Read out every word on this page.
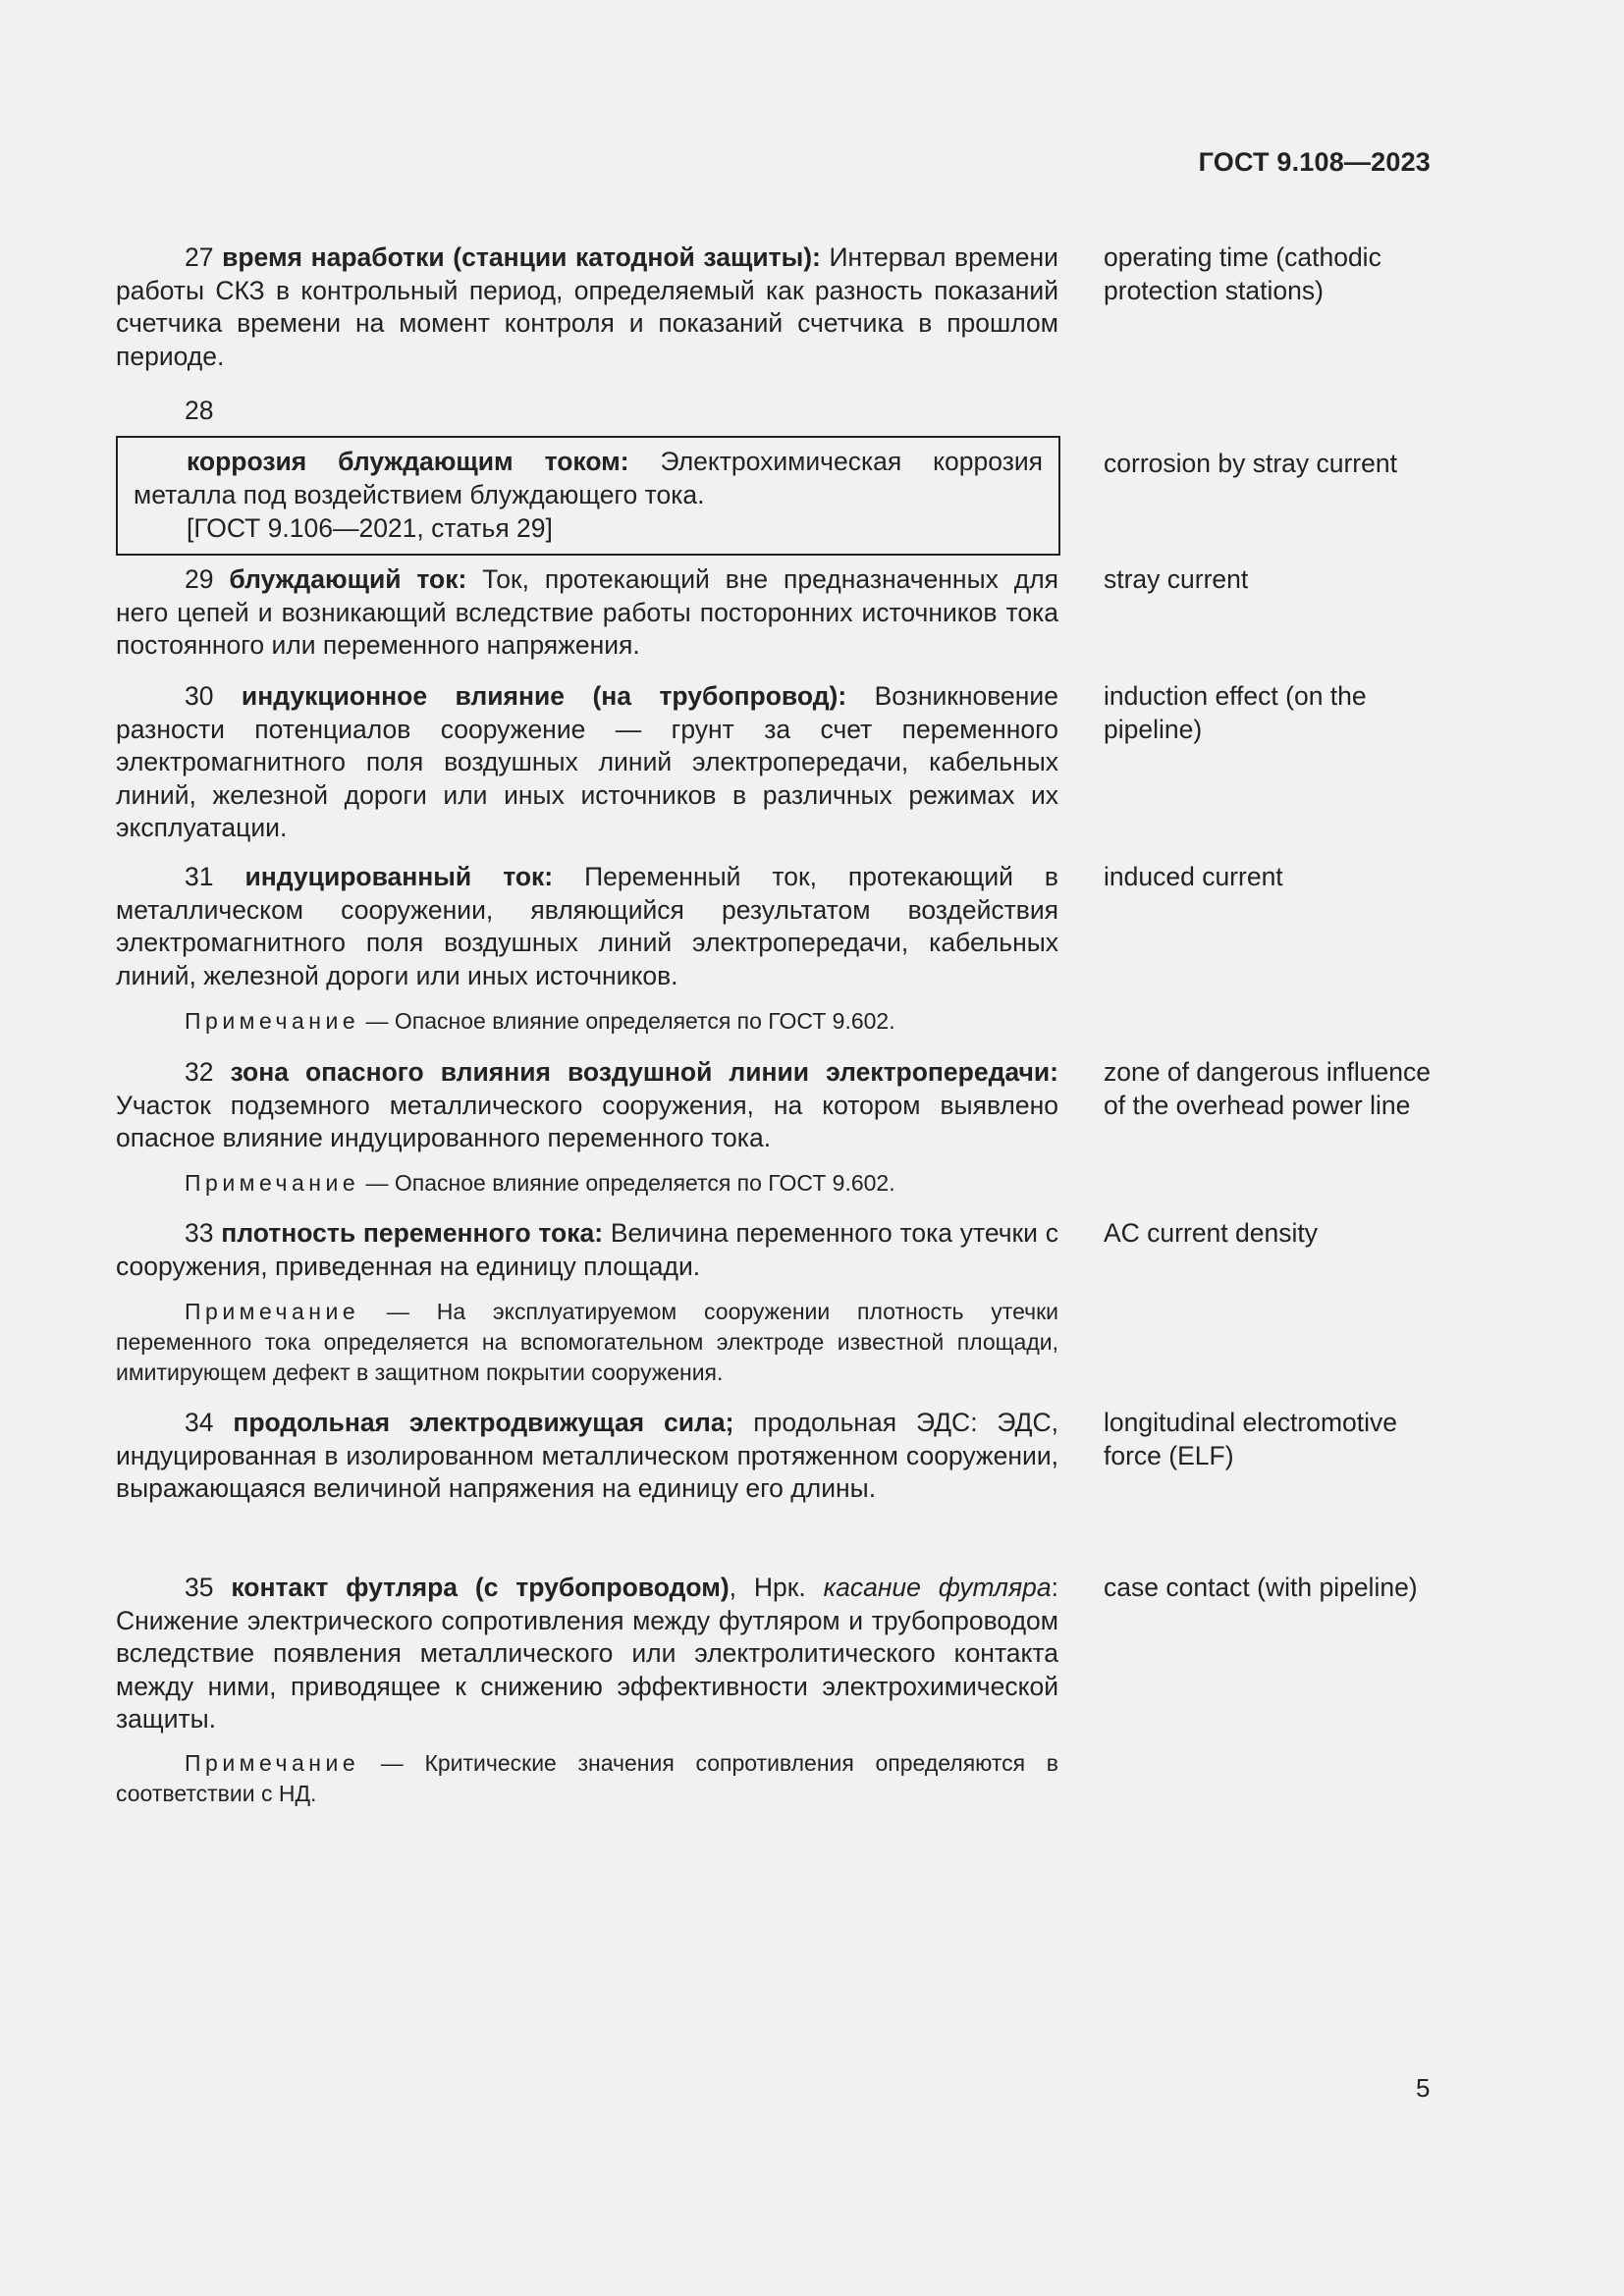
ГОСТ 9.108—2023
27 время наработки (станции катодной защиты): Интервал времени работы СКЗ в контрольный период, определяемый как разность показаний счетчика времени на момент контроля и показаний счетчика в прошлом периоде.
operating time (cathodic protection stations)
28
коррозия блуждающим током: Электрохимическая коррозия металла под воздействием блуждающего тока.
[ГОСТ 9.106—2021, статья 29]
corrosion by stray current
29 блуждающий ток: Ток, протекающий вне предназначенных для него цепей и возникающий вследствие работы посторонних источников тока постоянного или переменного напряжения.
stray current
30 индукционное влияние (на трубопровод): Возникновение разности потенциалов сооружение — грунт за счет переменного электромагнитного поля воздушных линий электропередачи, кабельных линий, железной дороги или иных источников в различных режимах их эксплуатации.
induction effect (on the pipeline)
31 индуцированный ток: Переменный ток, протекающий в металлическом сооружении, являющийся результатом воздействия электромагнитного поля воздушных линий электропередачи, кабельных линий, железной дороги или иных источников.
induced current
Примечание — Опасное влияние определяется по ГОСТ 9.602.
32 зона опасного влияния воздушной линии электропередачи: Участок подземного металлического сооружения, на котором выявлено опасное влияние индуцированного переменного тока.
zone of dangerous influence of the overhead power line
Примечание — Опасное влияние определяется по ГОСТ 9.602.
33 плотность переменного тока: Величина переменного тока утечки с сооружения, приведенная на единицу площади.
AC current density
Примечание — На эксплуатируемом сооружении плотность утечки переменного тока определяется на вспомогательном электроде известной площади, имитирующем дефект в защитном покрытии сооружения.
34 продольная электродвижущая сила; продольная ЭДС: ЭДС, индуцированная в изолированном металлическом протяженном сооружении, выражающаяся величиной напряжения на единицу его длины.
longitudinal electromotive force (ELF)
35 контакт футляра (с трубопроводом), Нрк. касание футляра: Снижение электрического сопротивления между футляром и трубопроводом вследствие появления металлического или электролитического контакта между ними, приводящее к снижению эффективности электрохимической защиты.
case contact (with pipeline)
Примечание — Критические значения сопротивления определяются в соответствии с НД.
5
